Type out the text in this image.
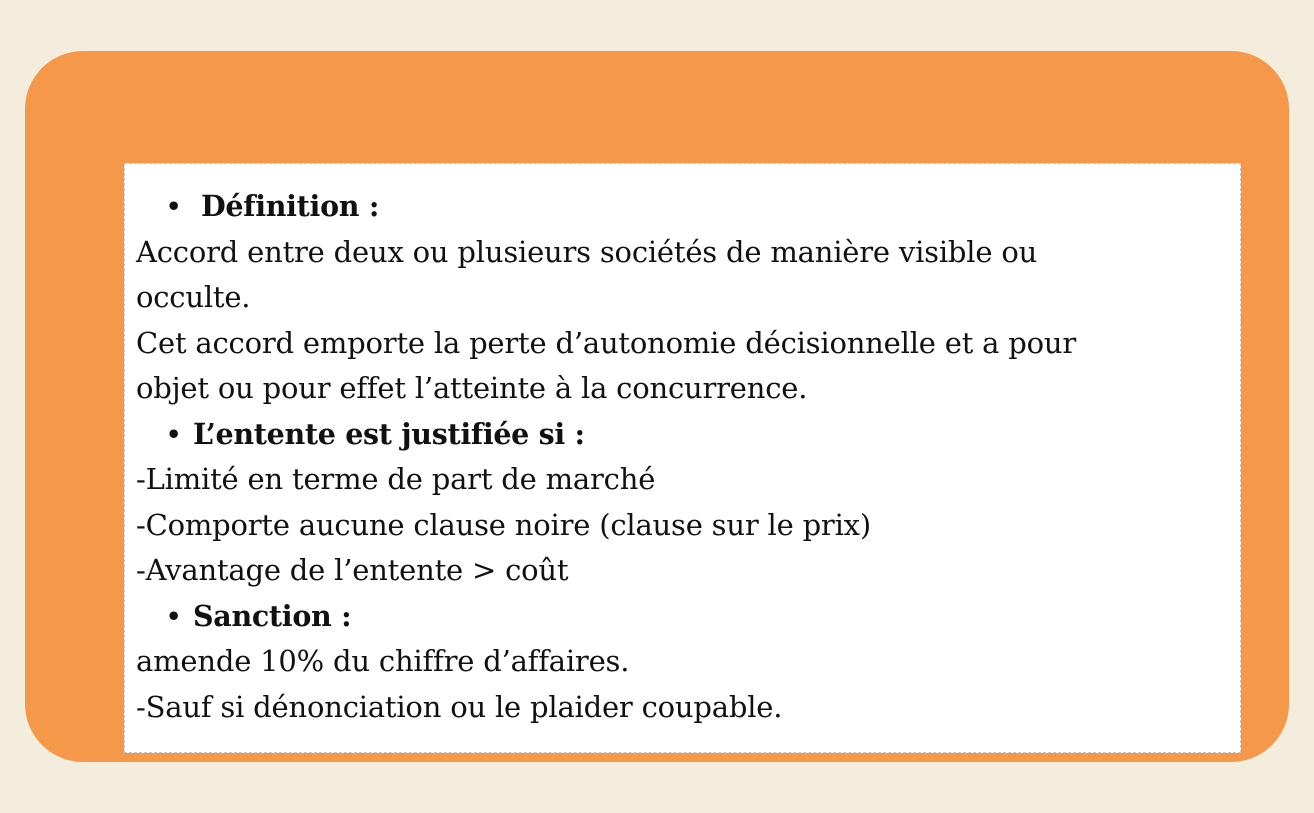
• Définition :
Accord entre deux ou plusieurs sociétés de manière visible ou
occulte.
Cet accord emporte la perte d’autonomie décisionnelle et a pour
objet ou pour effet l’atteinte à la concurrence.
• L’entente est justifiée si :
-Limité en terme de part de marché
-Comporte aucune clause noire (clause sur le prix)
-Avantage de l’entente > coût
• Sanction :
amende 10% du chiffre d’affaires.
-Sauf si dénonciation ou le plaider coupable.
